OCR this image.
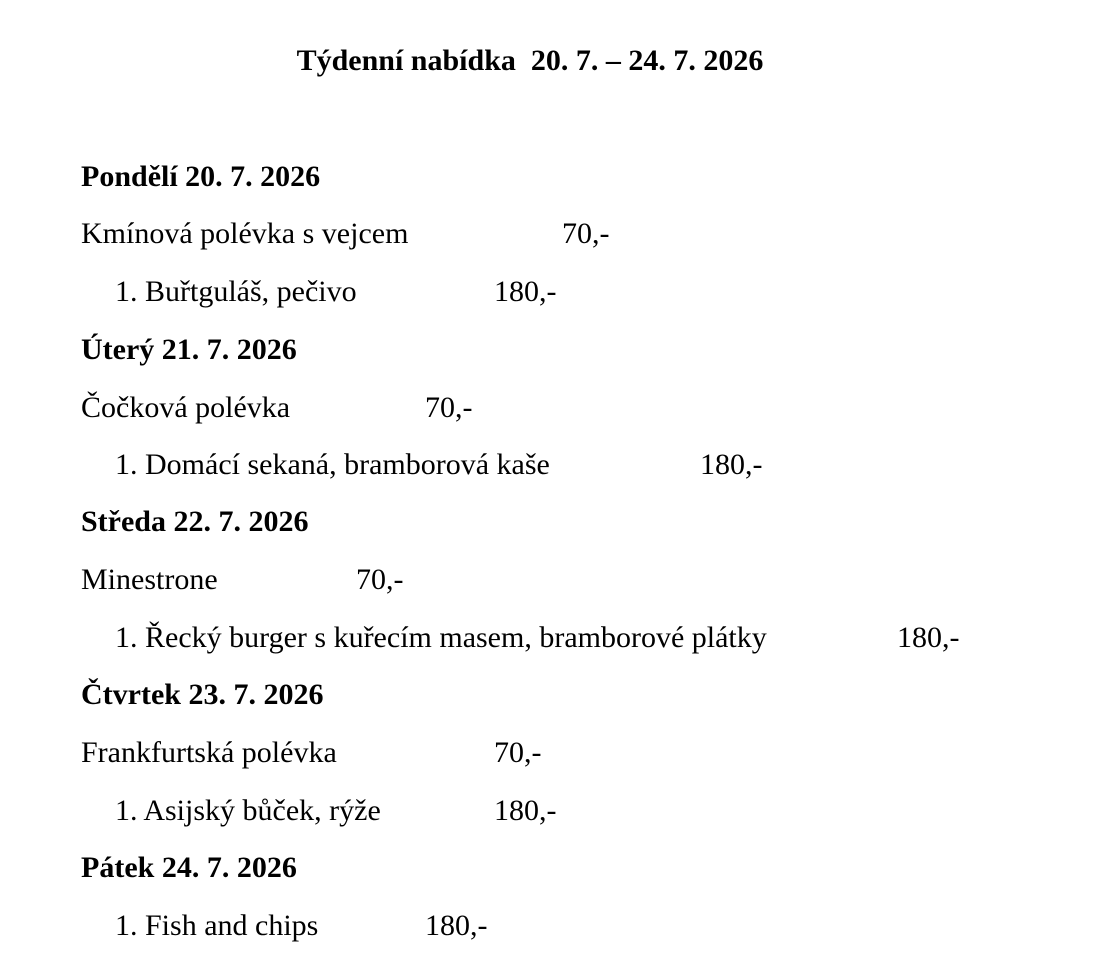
Týdenní nabídka  20. 7. – 24. 7. 2026
Pondělí 20. 7. 2026
Kmínová polévka s vejcem	70,-
1. Buřtguláš, pečivo	180,-
Úterý 21. 7. 2026
Čočková polévka	70,-
1. Domácí sekaná, bramborová kaše	180,-
Středa 22. 7. 2026
Minestrone	70,-
1. Řecký burger s kuřecím masem, bramborové plátky	180,-
Čtvrtek 23. 7. 2026
Frankfurtská polévka	70,-
1. Asijský bůček, rýže	180,-
Pátek 24. 7. 2026
1. Fish and chips	180,-
